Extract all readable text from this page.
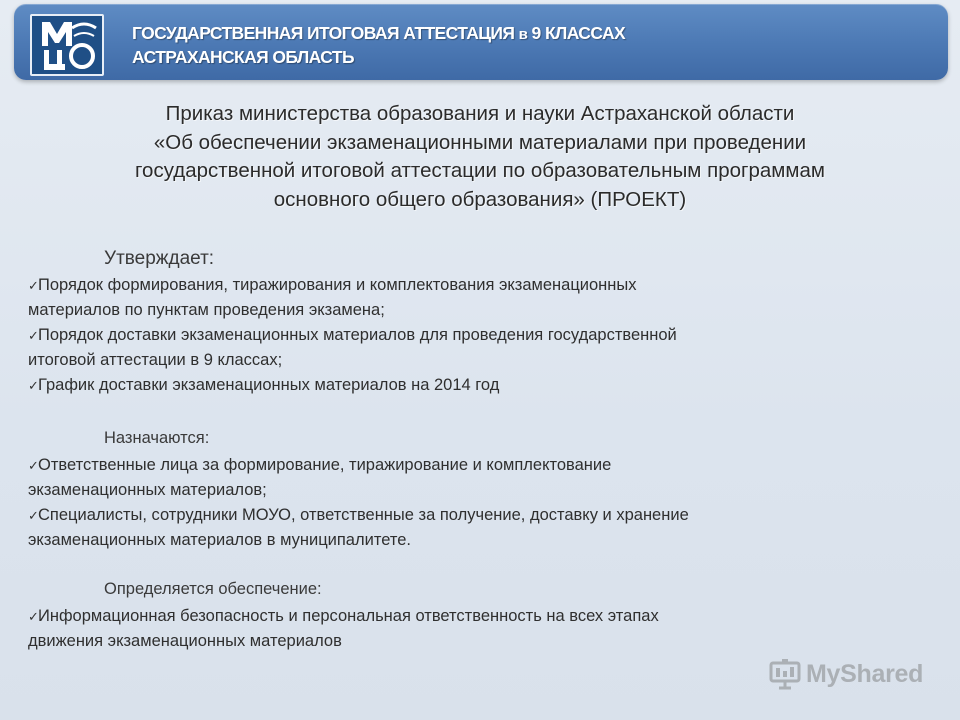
ГОСУДАРСТВЕННАЯ ИТОГОВАЯ АТТЕСТАЦИЯ в 9 КЛАССАХ
АСТРАХАНСКАЯ ОБЛАСТЬ
Приказ министерства образования и науки Астраханской области
«Об обеспечении экзаменационными материалами при проведении
государственной итоговой аттестации по образовательным программам
основного общего образования» (ПРОЕКТ)
Утверждает:
✓Порядок формирования, тиражирования и комплектования экзаменационных
материалов по пунктам проведения экзамена;
✓Порядок доставки экзаменационных материалов для проведения государственной
итоговой аттестации в 9 классах;
✓График доставки экзаменационных материалов на 2014 год
Назначаются:
✓Ответственные лица за формирование, тиражирование и комплектование
экзаменационных материалов;
✓Специалисты, сотрудники МОУО, ответственные за получение, доставку и хранение
экзаменационных материалов в муниципалитете.
Определяется обеспечение:
✓Информационная безопасность и персональная ответственность на всех этапах
движения экзаменационных материалов
MyShared
